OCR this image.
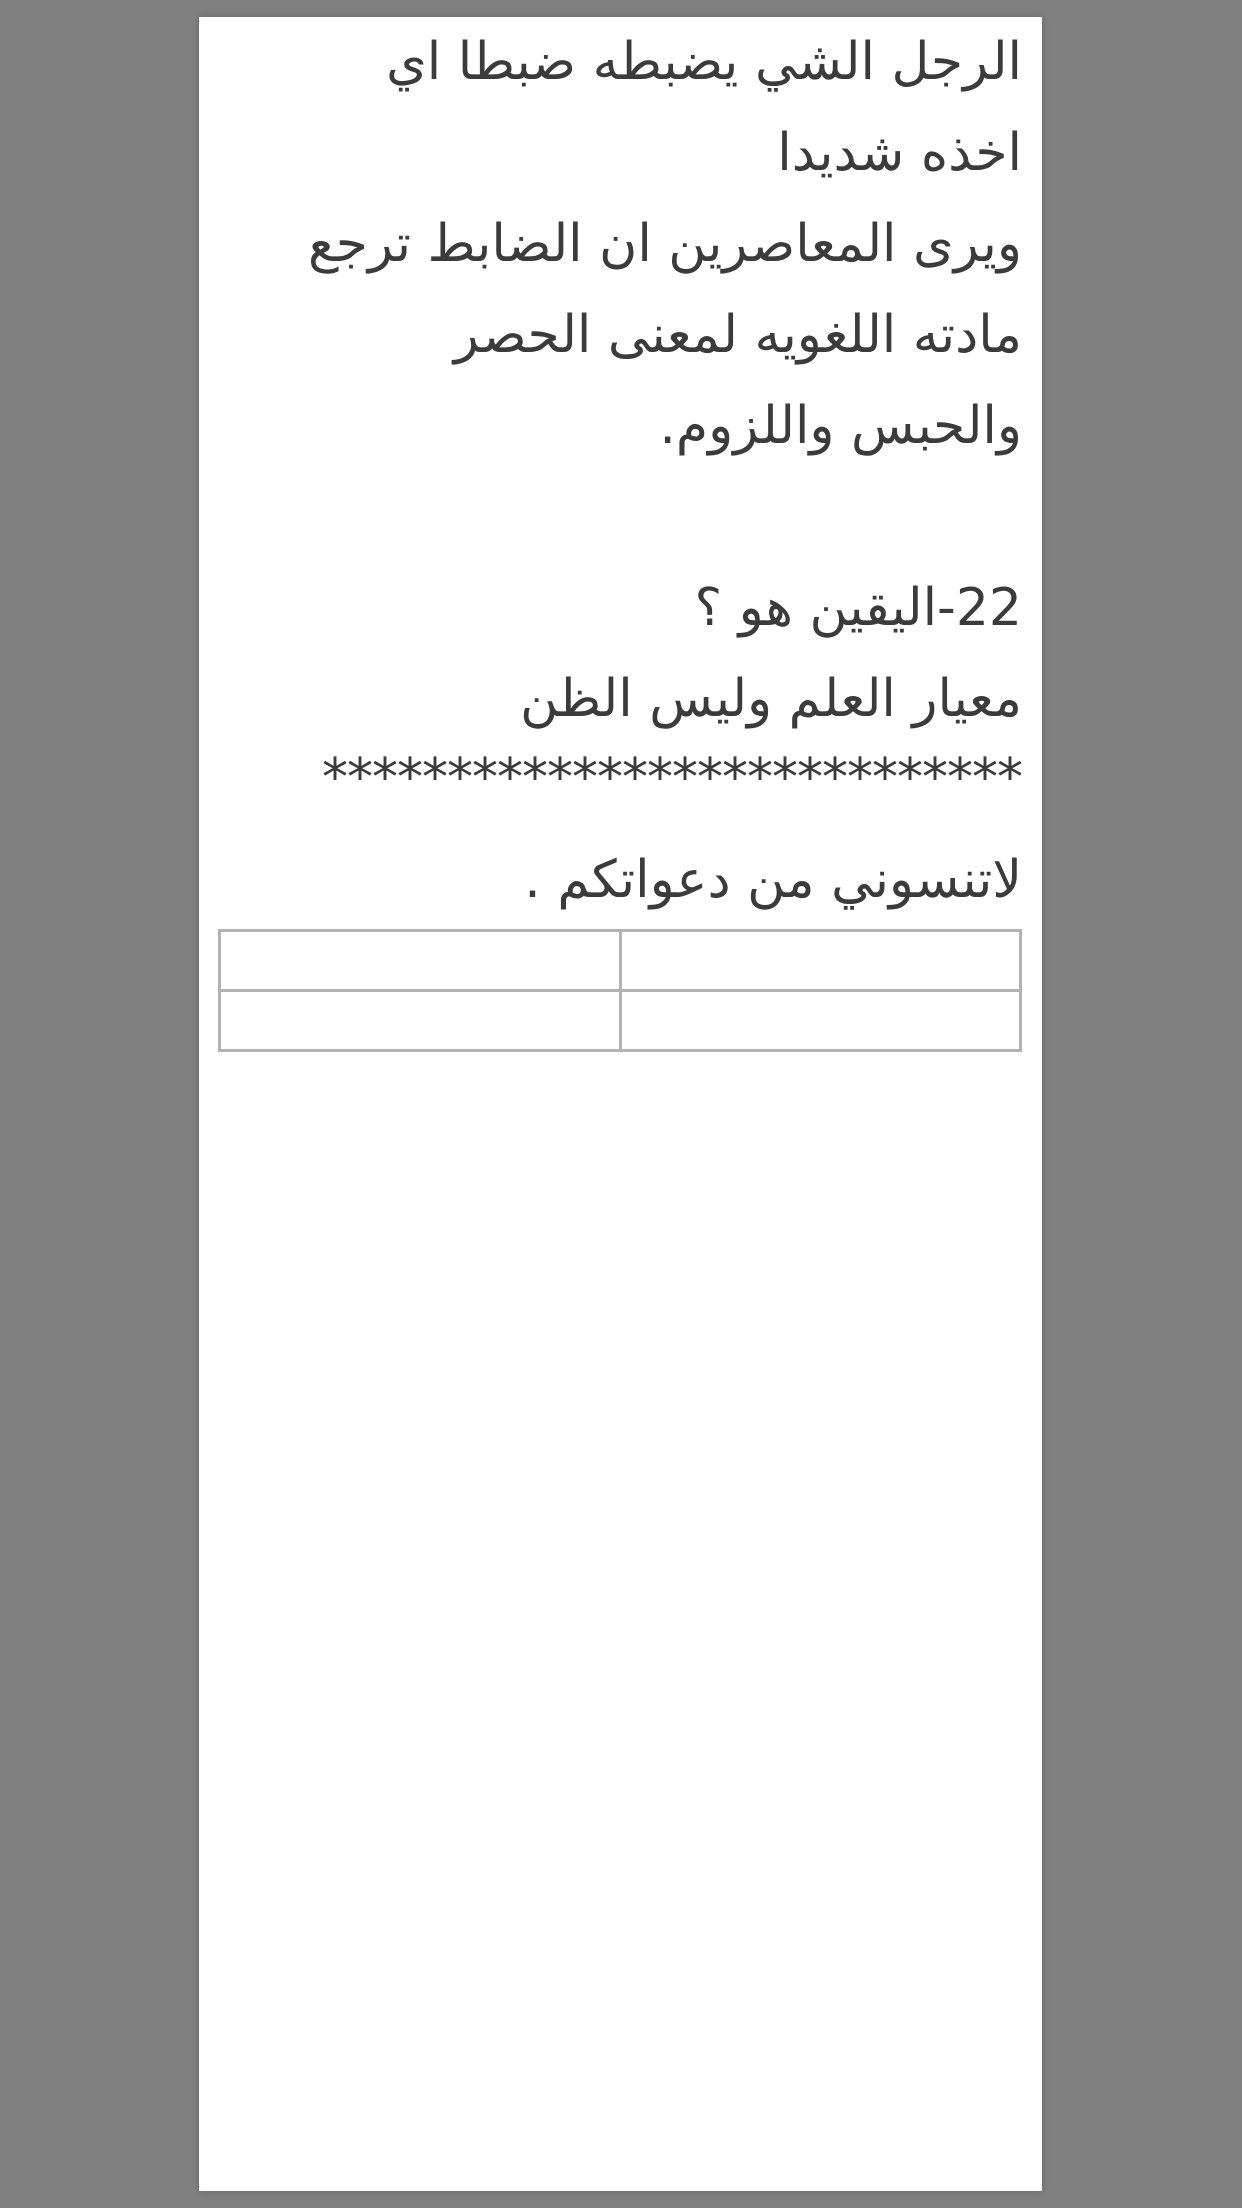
الرجل الشي يضبطه ضبطا اي
اخذه شديدا
ويرى المعاصرين ان الضابط ترجع
مادته اللغويه لمعنى الحصر
والحبس واللزوم.
22-اليقين هو ؟
معيار العلم وليس الظن
****************************
لاتنسوني من دعواتكم .
